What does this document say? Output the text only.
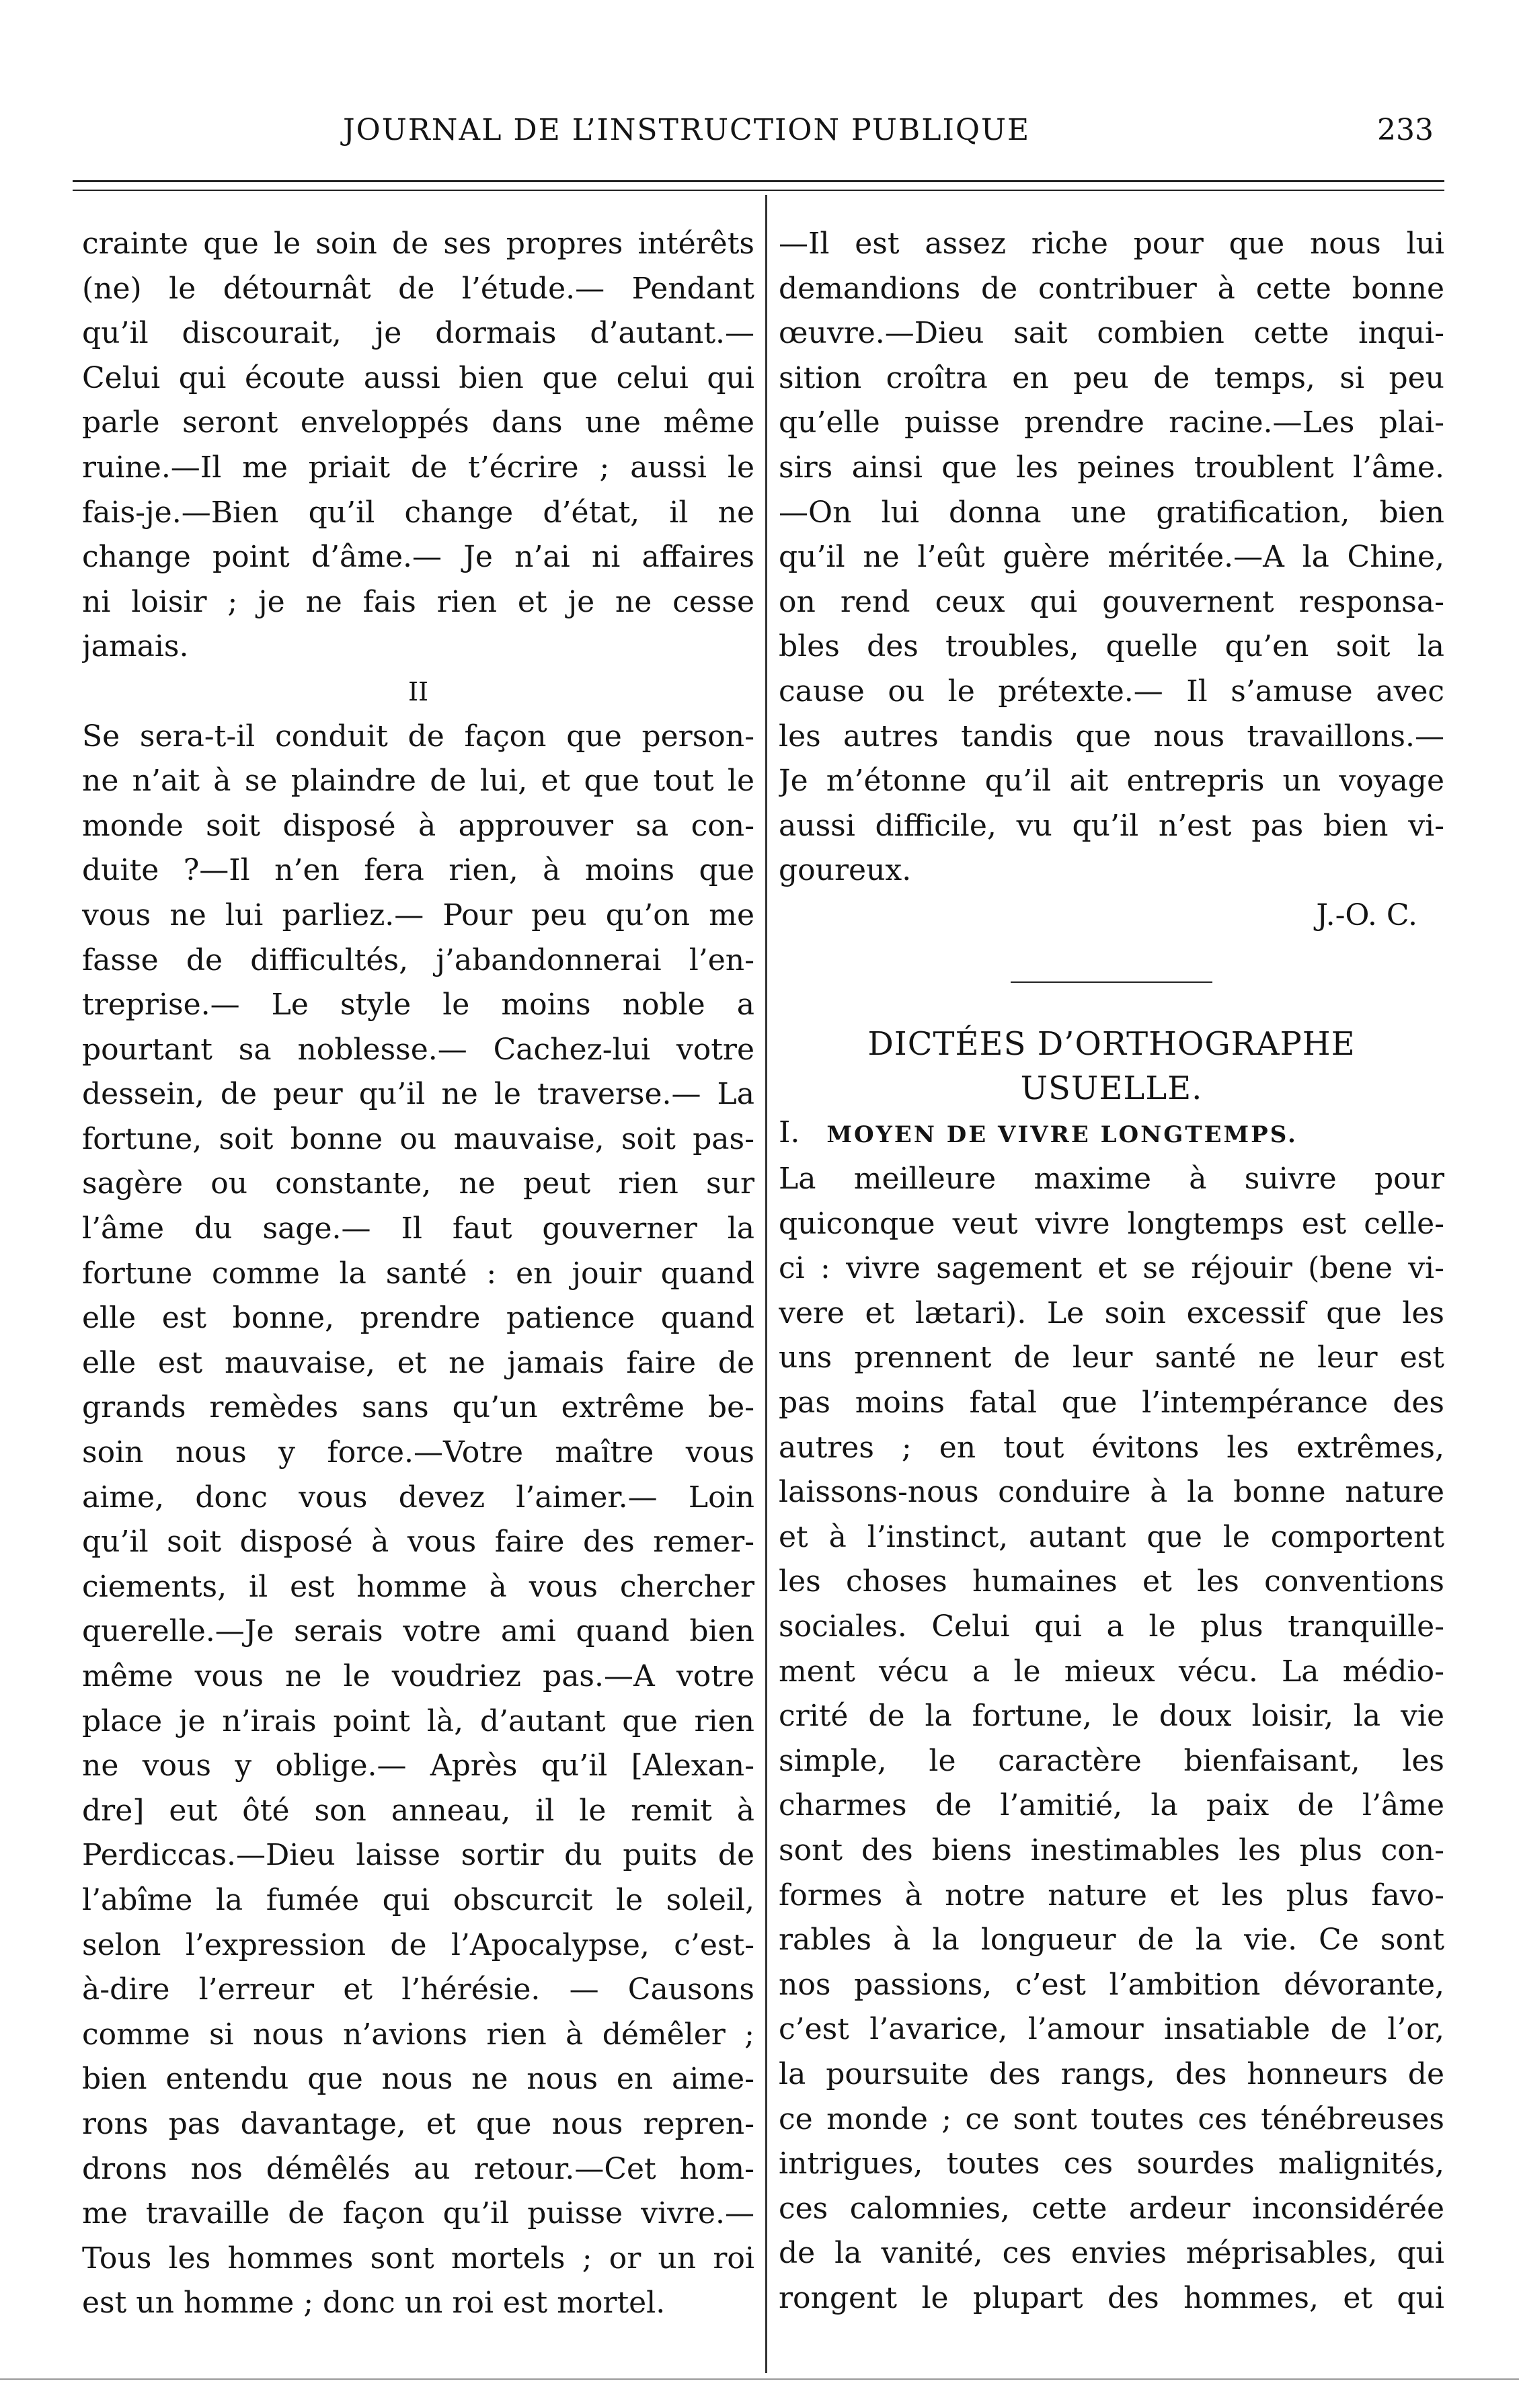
JOURNAL DE L’INSTRUCTION PUBLIQUE	233

crainte que le soin de ses propres intérêts
(ne) le détournât de l’étude.— Pendant
qu’il discourait, je dormais d’autant.—
Celui qui écoute aussi bien que celui qui
parle seront enveloppés dans une même
ruine.—Il me priait de t’écrire ; aussi le
fais-je.—Bien qu’il change d’état, il ne
change point d’âme.— Je n’ai ni affaires
ni loisir ; je ne fais rien et je ne cesse
jamais.

II

Se sera-t-il conduit de façon que person-
ne n’ait à se plaindre de lui, et que tout le
monde soit disposé à approuver sa con-
duite ?—Il n’en fera rien, à moins que
vous ne lui parliez.— Pour peu qu’on me
fasse de difficultés, j’abandonnerai l’en-
treprise.— Le style le moins noble a
pourtant sa noblesse.— Cachez-lui votre
dessein, de peur qu’il ne le traverse.— La
fortune, soit bonne ou mauvaise, soit pas-
sagère ou constante, ne peut rien sur
l’âme du sage.— Il faut gouverner la
fortune comme la santé : en jouir quand
elle est bonne, prendre patience quand
elle est mauvaise, et ne jamais faire de
grands remèdes sans qu’un extrême be-
soin nous y force.—Votre maître vous
aime, donc vous devez l’aimer.— Loin
qu’il soit disposé à vous faire des remer-
ciements, il est homme à vous chercher
querelle.—Je serais votre ami quand bien
même vous ne le voudriez pas.—A votre
place je n’irais point là, d’autant que rien
ne vous y oblige.— Après qu’il [Alexan-
dre] eut ôté son anneau, il le remit à
Perdiccas.—Dieu laisse sortir du puits de
l’abîme la fumée qui obscurcit le soleil,
selon l’expression de l’Apocalypse, c’est-
à-dire l’erreur et l’hérésie. — Causons
comme si nous n’avions rien à démêler ;
bien entendu que nous ne nous en aime-
rons pas davantage, et que nous repren-
drons nos démêlés au retour.—Cet hom-
me travaille de façon qu’il puisse vivre.—
Tous les hommes sont mortels ; or un roi
est un homme ; donc un roi est mortel.

—Il est assez riche pour que nous lui
demandions de contribuer à cette bonne
œuvre.—Dieu sait combien cette inqui-
sition croîtra en peu de temps, si peu
qu’elle puisse prendre racine.—Les plai-
sirs ainsi que les peines troublent l’âme.
—On lui donna une gratification, bien
qu’il ne l’eût guère méritée.—A la Chine,
on rend ceux qui gouvernent responsa-
bles des troubles, quelle qu’en soit la
cause ou le prétexte.— Il s’amuse avec
les autres tandis que nous travaillons.—
Je m’étonne qu’il ait entrepris un voyage
aussi difficile, vu qu’il n’est pas bien vi-
goureux.

J.-O. C.

DICTÉES D’ORTHOGRAPHE
USUELLE.

I. MOYEN DE VIVRE LONGTEMPS.

La meilleure maxime à suivre pour
quiconque veut vivre longtemps est celle-
ci : vivre sagement et se réjouir (bene vi-
vere et lætari). Le soin excessif que les
uns prennent de leur santé ne leur est
pas moins fatal que l’intempérance des
autres ; en tout évitons les extrêmes,
laissons-nous conduire à la bonne nature
et à l’instinct, autant que le comportent
les choses humaines et les conventions
sociales. Celui qui a le plus tranquille-
ment vécu a le mieux vécu. La médio-
crité de la fortune, le doux loisir, la vie
simple, le caractère bienfaisant, les
charmes de l’amitié, la paix de l’âme
sont des biens inestimables les plus con-
formes à notre nature et les plus favo-
rables à la longueur de la vie. Ce sont
nos passions, c’est l’ambition dévorante,
c’est l’avarice, l’amour insatiable de l’or,
la poursuite des rangs, des honneurs de
ce monde ; ce sont toutes ces ténébreuses
intrigues, toutes ces sourdes malignités,
ces calomnies, cette ardeur inconsidérée
de la vanité, ces envies méprisables, qui
rongent le plupart des hommes, et qui
